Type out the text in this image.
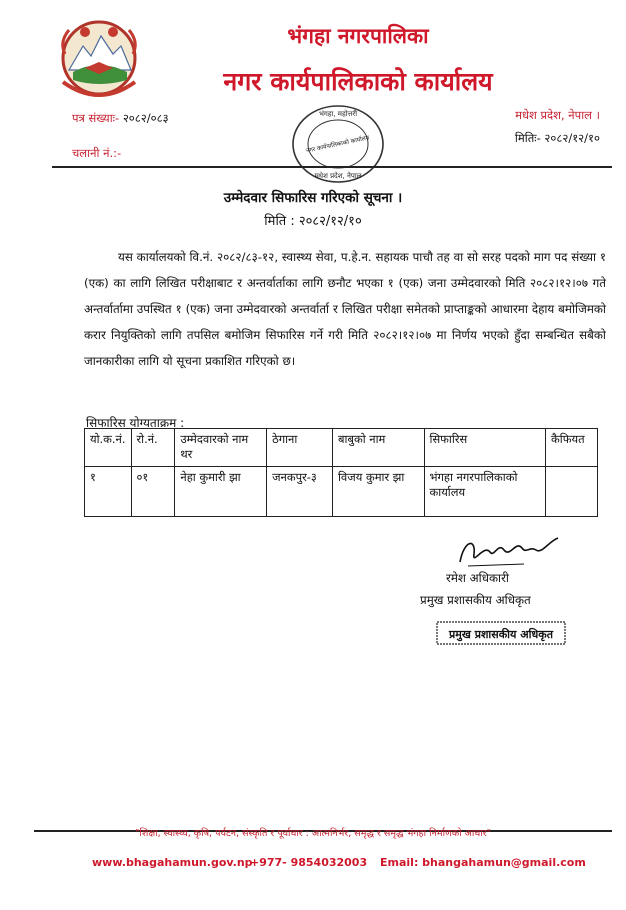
भंगहा नगरपालिका
नगर कार्यपालिकाको कार्यालय
पत्र संख्याः- २०८२/०८३
चलानी नं.:-
मधेश प्रदेश, नेपाल ।
मितिः- २०८२/१२/१०
भंगहा, महोत्तरी
नगर कार्यपालिकाको कार्यालय
मधेश प्रदेश, नेपाल
उम्मेदवार सिफारिस गरिएको सूचना ।
मिति : २०८२/१२/१०

यस कार्यालयको वि.नं. २०८२/८३-१२, स्वास्थ्य सेवा, प.हे.न. सहायक पाचौ तह वा सो सरह पदको माग पद संख्या १ (एक) का लागि लिखित परीक्षाबाट र अन्तर्वार्ताका लागि छनौट भएका १ (एक) जना उम्मेदवारको मिति २०८२।१२।०७ गते अन्तर्वार्तामा उपस्थित १ (एक) जना उम्मेदवारको अन्तर्वार्ता र लिखित परीक्षा समेतको प्राप्ताङ्कको आधारमा देहाय बमोजिमको करार नियुक्तिको लागि तपसिल बमोजिम सिफारिस गर्ने गरी मिति २०८२।१२।०७ मा निर्णय भएको हुँदा सम्बन्धित सबैको जानकारीका लागि यो सूचना प्रकाशित गरिएको छ।

सिफारिस योग्यताक्रम :
यो.क.नं.	रो.नं.	उम्मेदवारको नाम थर	ठेगाना	बाबुको नाम	सिफारिस	कैफियत
१	०१	नेहा कुमारी झा	जनकपुर-३	विजय कुमार झा	भंगहा नगरपालिकाको कार्यालय	
रमेश अधिकारी
प्रमुख प्रशासकीय अधिकृत
प्रमुख प्रशासकीय अधिकृत
"शिक्षा, स्वास्थ्य, कृषि, पर्यटन, संस्कृति र पूर्वाधार : आत्मनिर्भर, समृद्ध र समृद्ध भंगहा निर्माणको आधार"
www.bhagahamun.gov.np
+977- 9854032003 Email: bhangahamun@gmail.com
